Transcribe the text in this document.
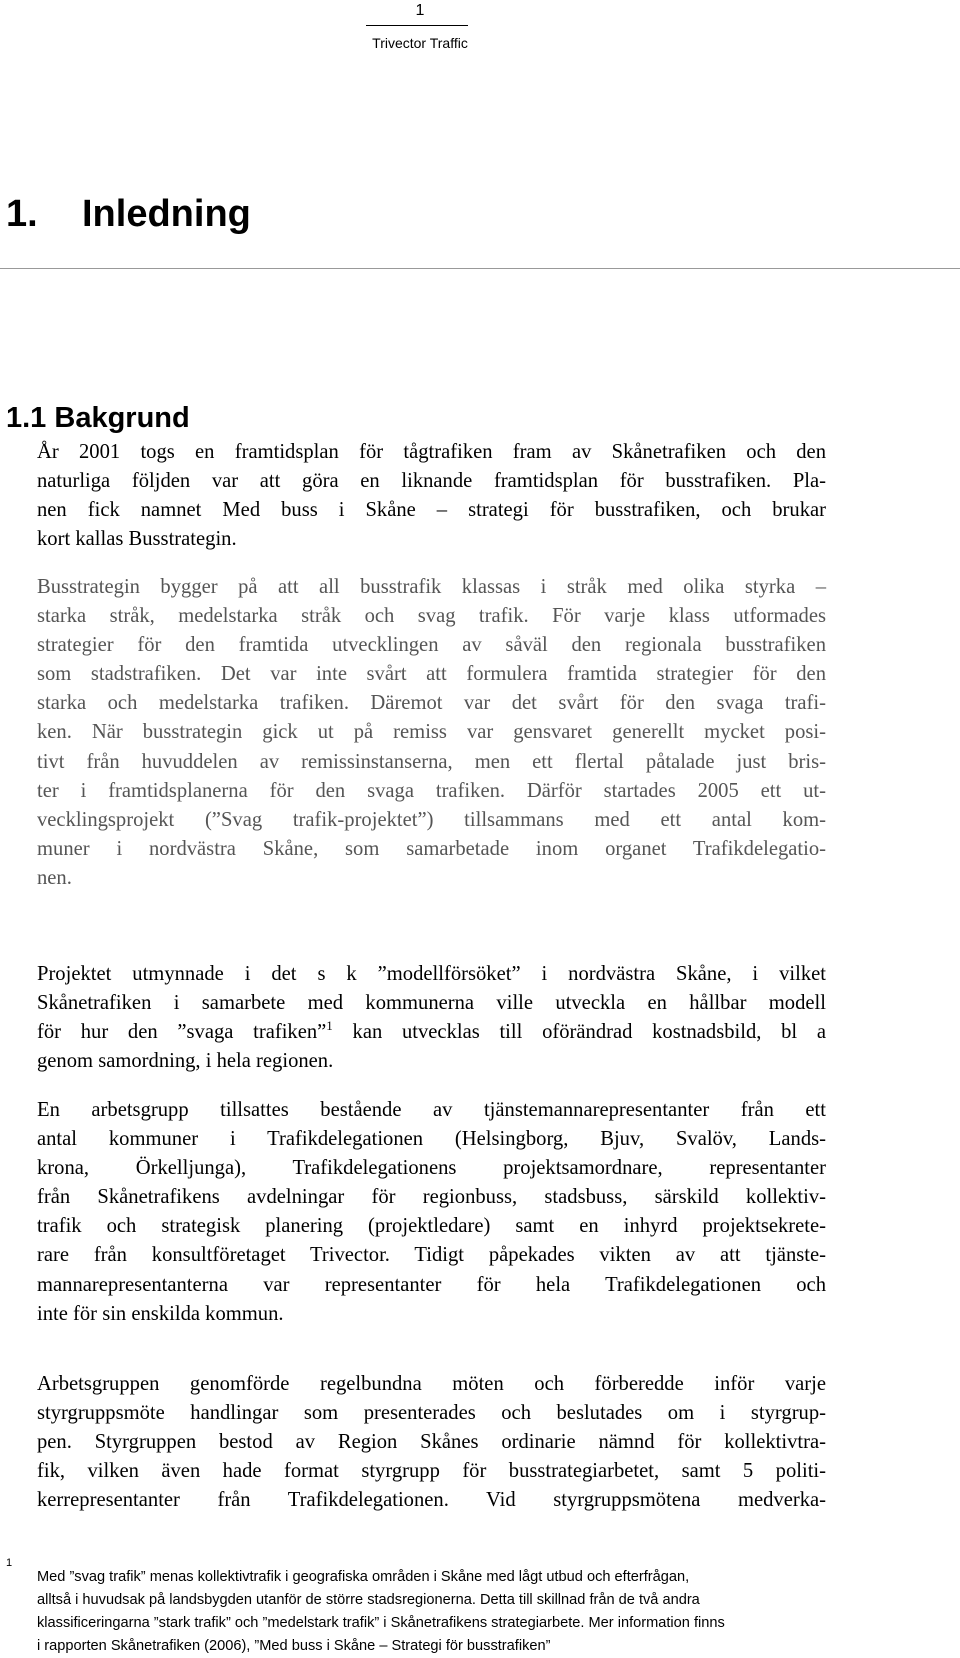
1
Trivector Traffic
1. Inledning
1.1 Bakgrund
År 2001 togs en framtidsplan för tågtrafiken fram av Skånetrafiken och den
naturliga följden var att göra en liknande framtidsplan för busstrafiken. Pla-
nen fick namnet Med buss i Skåne – strategi för busstrafiken, och brukar
kort kallas Busstrategin.
Busstrategin bygger på att all busstrafik klassas i stråk med olika styrka –
starka stråk, medelstarka stråk och svag trafik. För varje klass utformades
strategier för den framtida utvecklingen av såväl den regionala busstrafiken
som stadstrafiken. Det var inte svårt att formulera framtida strategier för den
starka och medelstarka trafiken. Däremot var det svårt för den svaga trafi-
ken. När busstrategin gick ut på remiss var gensvaret generellt mycket posi-
tivt från huvuddelen av remissinstanserna, men ett flertal påtalade just bris-
ter i framtidsplanerna för den svaga trafiken. Därför startades 2005 ett ut-
vecklingsprojekt (”Svag trafik-projektet”) tillsammans med ett antal kom-
muner i nordvästra Skåne, som samarbetade inom organet Trafikdelegatio-
nen.
Projektet utmynnade i det s k ”modellförsöket” i nordvästra Skåne, i vilket
Skånetrafiken i samarbete med kommunerna ville utveckla en hållbar modell
för hur den ”svaga trafiken”$^1$ kan utvecklas till oförändrad kostnadsbild, bl a
genom samordning, i hela regionen.
En arbetsgrupp tillsattes bestående av tjänstemannarepresentanter från ett
antal kommuner i Trafikdelegationen (Helsingborg, Bjuv, Svalöv, Lands-
krona, Örkelljunga), Trafikdelegationens projektsamordnare, representanter
från Skånetrafikens avdelningar för regionbuss, stadsbuss, särskild kollektiv-
trafik och strategisk planering (projektledare) samt en inhyrd projektsekrete-
rare från konsultföretaget Trivector. Tidigt påpekades vikten av att tjänste-
mannarepresentanterna var representanter för hela Trafikdelegationen och
inte för sin enskilda kommun.
Arbetsgruppen genomförde regelbundna möten och förberedde inför varje
styrgruppsmöte handlingar som presenterades och beslutades om i styrgrup-
pen. Styrgruppen bestod av Region Skånes ordinarie nämnd för kollektivtra-
fik, vilken även hade format styrgrupp för busstrategiarbetet, samt 5 politi-
kerrepresentanter från Trafikdelegationen. Vid styrgruppsmötena medverka-
1
Med ”svag trafik” menas kollektivtrafik i geografiska områden i Skåne med lågt utbud och efterfrågan,
alltså i huvudsak på landsbygden utanför de större stadsregionerna. Detta till skillnad från de två andra
klassificeringarna ”stark trafik” och ”medelstark trafik” i Skånetrafikens strategiarbete. Mer information finns
i rapporten Skånetrafiken (2006), ”Med buss i Skåne – Strategi för busstrafiken”
